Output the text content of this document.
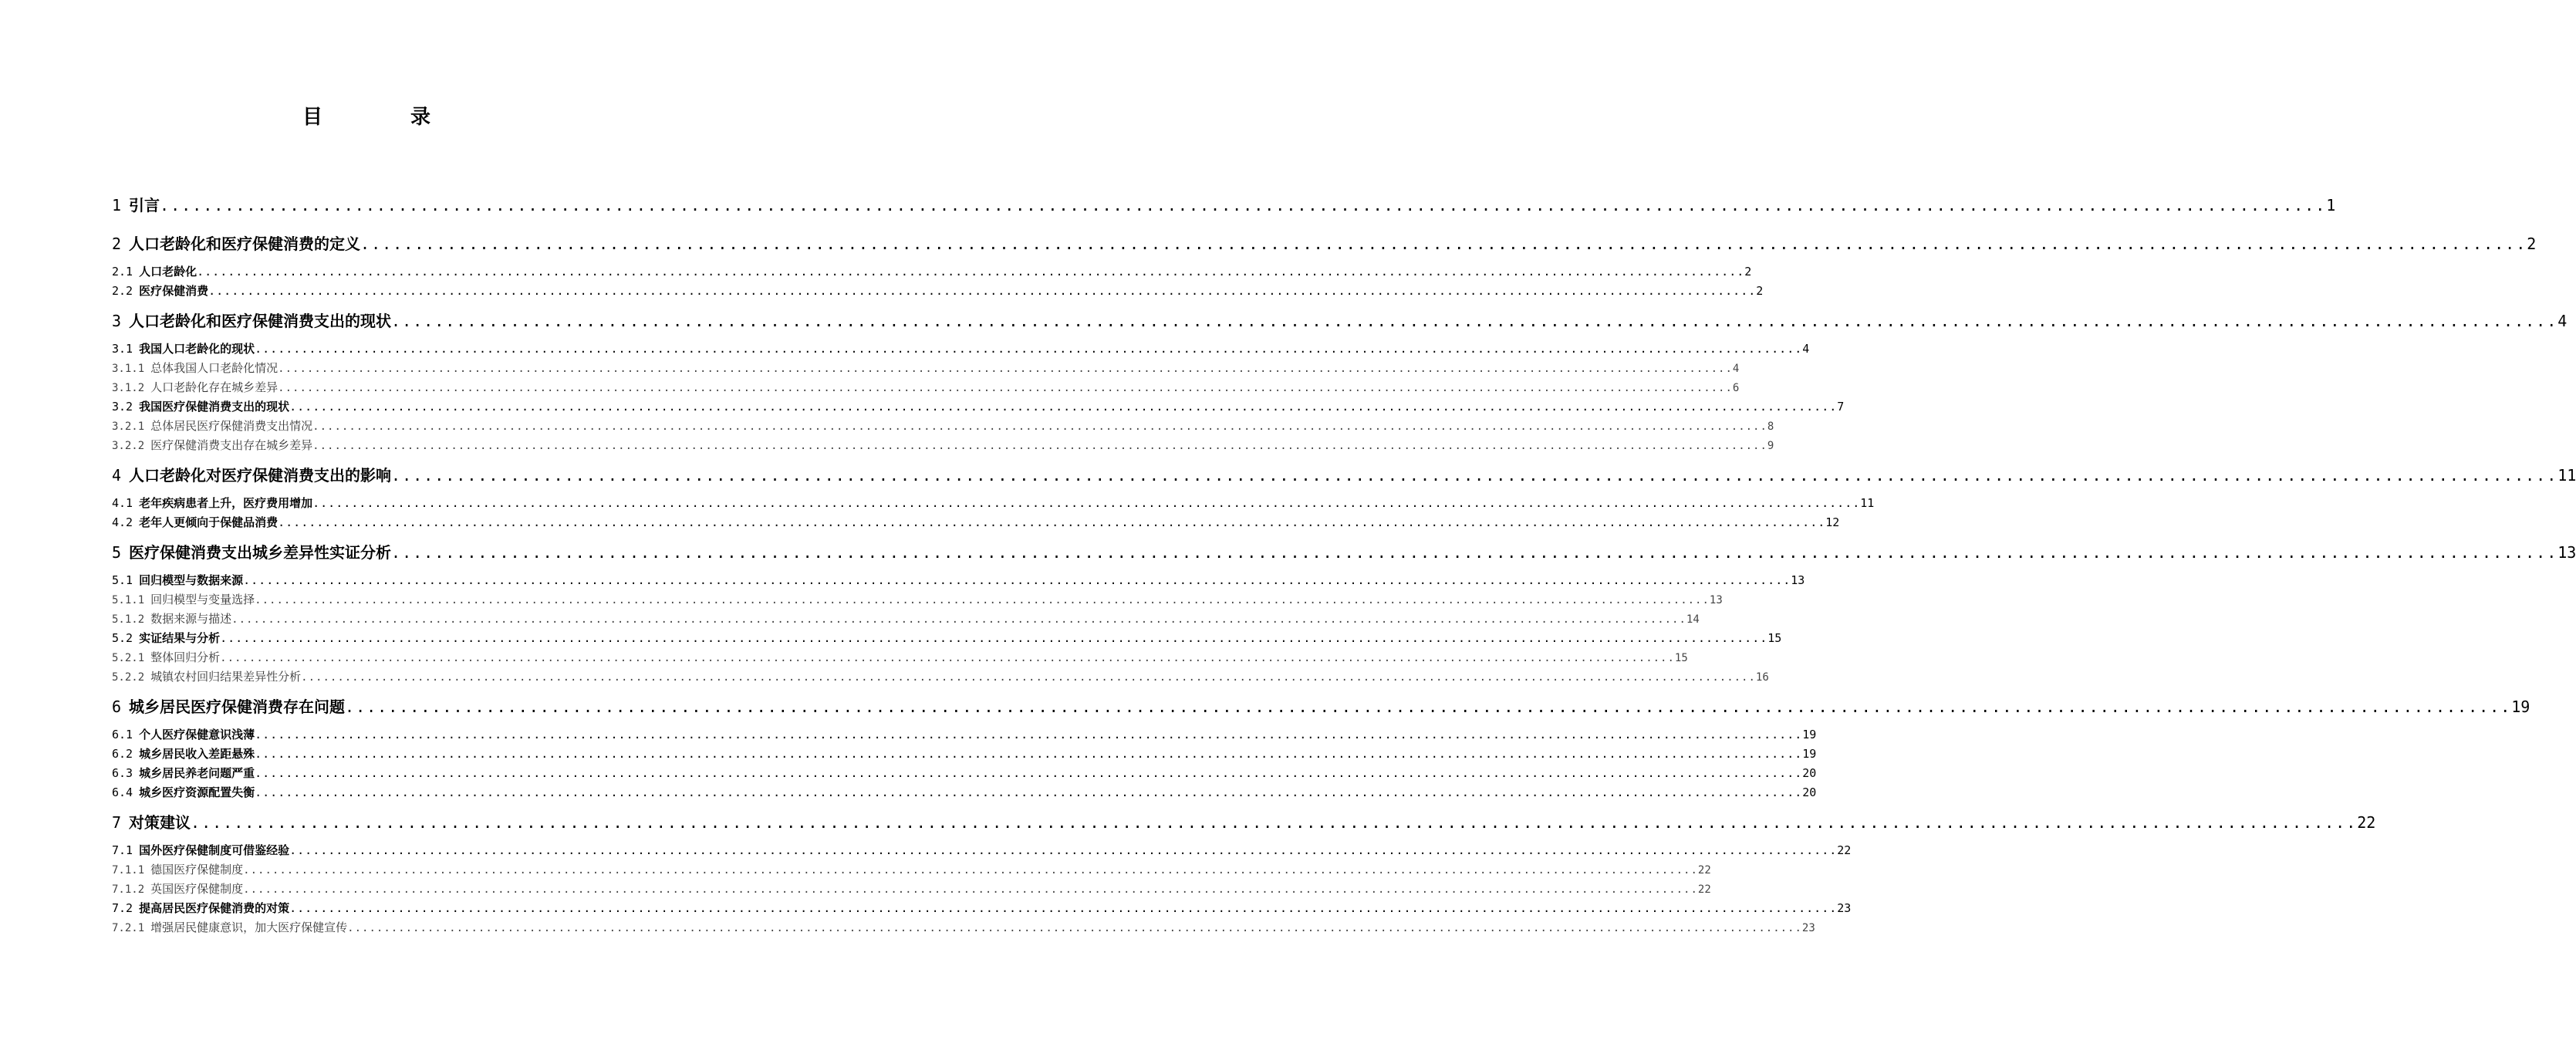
目　录
1 引言 ........................................................................................................................................................................................................ 1
2 人口老龄化和医疗保健消费的定义 ........................................................................................................................................................................................................ 2
2.1 人口老龄化 ........................................................................................................................................................................................................ 2
2.2 医疗保健消费 ........................................................................................................................................................................................................ 2
3 人口老龄化和医疗保健消费支出的现状 ........................................................................................................................................................................................................ 4
3.1 我国人口老龄化的现状 ........................................................................................................................................................................................................ 4
3.1.1 总体我国人口老龄化情况 ........................................................................................................................................................................................................ 4
3.1.2 人口老龄化存在城乡差异 ........................................................................................................................................................................................................ 6
3.2 我国医疗保健消费支出的现状 ........................................................................................................................................................................................................ 7
3.2.1 总体居民医疗保健消费支出情况 ........................................................................................................................................................................................................ 8
3.2.2 医疗保健消费支出存在城乡差异 ........................................................................................................................................................................................................ 9
4 人口老龄化对医疗保健消费支出的影响 ........................................................................................................................................................................................................ 11
4.1 老年疾病患者上升，医疗费用增加 ........................................................................................................................................................................................................ 11
4.2 老年人更倾向于保健品消费 ........................................................................................................................................................................................................ 12
5 医疗保健消费支出城乡差异性实证分析 ........................................................................................................................................................................................................ 13
5.1 回归模型与数据来源 ........................................................................................................................................................................................................ 13
5.1.1 回归模型与变量选择 ........................................................................................................................................................................................................ 13
5.1.2 数据来源与描述 ........................................................................................................................................................................................................ 14
5.2 实证结果与分析 ........................................................................................................................................................................................................ 15
5.2.1 整体回归分析 ........................................................................................................................................................................................................ 15
5.2.2 城镇农村回归结果差异性分析 ........................................................................................................................................................................................................ 16
6 城乡居民医疗保健消费存在问题 ........................................................................................................................................................................................................ 19
6.1 个人医疗保健意识浅薄 ........................................................................................................................................................................................................ 19
6.2 城乡居民收入差距悬殊 ........................................................................................................................................................................................................ 19
6.3 城乡居民养老问题严重 ........................................................................................................................................................................................................ 20
6.4 城乡医疗资源配置失衡 ........................................................................................................................................................................................................ 20
7 对策建议 ........................................................................................................................................................................................................ 22
7.1 国外医疗保健制度可借鉴经验 ........................................................................................................................................................................................................ 22
7.1.1 德国医疗保健制度 ........................................................................................................................................................................................................ 22
7.1.2 英国医疗保健制度 ........................................................................................................................................................................................................ 22
7.2 提高居民医疗保健消费的对策 ........................................................................................................................................................................................................ 23
7.2.1 增强居民健康意识，加大医疗保健宣传 ........................................................................................................................................................................................................ 23
